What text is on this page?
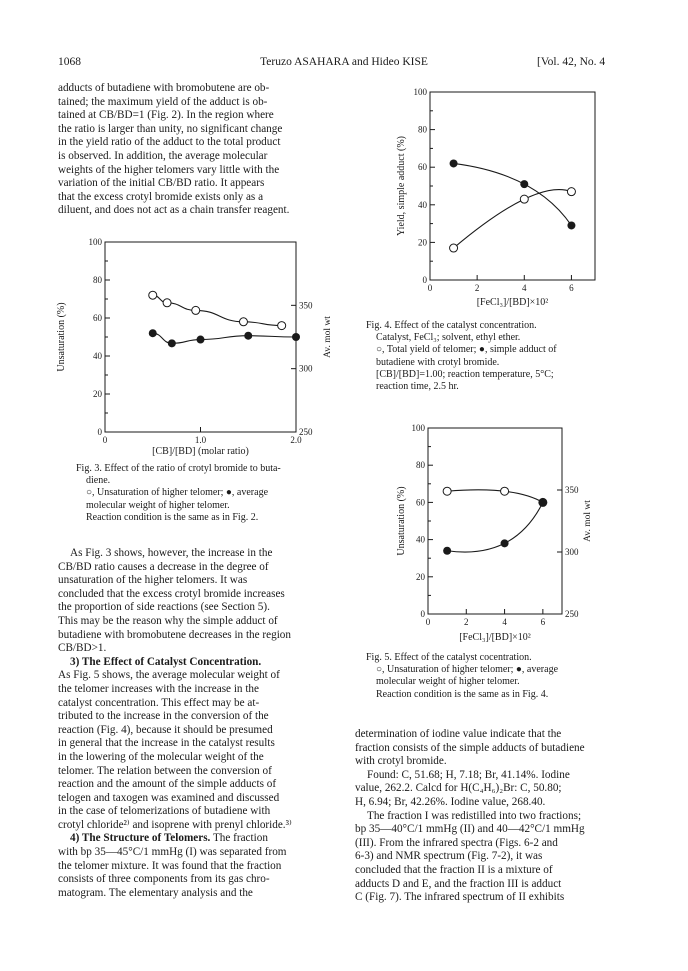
1068	Teruzo ASAHARA and Hideo KISE	[Vol. 42, No. 4
adducts of butadiene with bromobutene are ob-
tained; the maximum yield of the adduct is ob-
tained at CB/BD=1 (Fig. 2). In the region where
the ratio is larger than unity, no significant change
in the yield ratio of the adduct to the total product
is observed. In addition, the average molecular
weights of the higher telomers vary little with the
variation of the initial CB/BD ratio. It appears
that the excess crotyl bromide exists only as a
diluent, and does not act as a chain transfer reagent.
0
20
40
60
80
100
0	1.0	2.0
250
300
350
Av. mol wt
[CB]/[BD] (molar ratio)
Unsaturation (%)
Fig. 3. Effect of the ratio of crotyl bromide to buta-
diene.
○, Unsaturation of higher telomer; ●, average
molecular weight of higher telomer.
Reaction condition is the same as in Fig. 2.
As Fig. 3 shows, however, the increase in the
CB/BD ratio causes a decrease in the degree of
unsaturation of the higher telomers. It was
concluded that the excess crotyl bromide increases
the proportion of side reactions (see Section 5).
This may be the reason why the simple adduct of
butadiene with bromobutene decreases in the region
CB/BD>1.
3) The Effect of Catalyst Concentration.
As Fig. 5 shows, the average molecular weight of
the telomer increases with the increase in the
catalyst concentration. This effect may be at-
tributed to the increase in the conversion of the
reaction (Fig. 4), because it should be presumed
in general that the increase in the catalyst results
in the lowering of the molecular weight of the
telomer. The relation between the conversion of
reaction and the amount of the simple adducts of
telogen and taxogen was examined and discussed
in the case of telomerizations of butadiene with
crotyl chloride²⁾ and isoprene with prenyl chloride.³⁾
4) The Structure of Telomers. The fraction
with bp 35—45°C/1 mmHg (I) was separated from
the telomer mixture. It was found that the fraction
consists of three components from its gas chro-
matogram. The elementary analysis and the
0
20
40
60
80
100
0	2	4	6
[FeCl₃]/[BD]×10²
Yield, simple adduct (%)
Fig. 4. Effect of the catalyst concentration.
Catalyst, FeCl₃; solvent, ethyl ether.
○, Total yield of telomer; ●, simple adduct of
butadiene with crotyl bromide.
[CB]/[BD]=1.00; reaction temperature, 5°C;
reaction time, 2.5 hr.
0
20
40
60
80
100
0	2	4	6
250
300
350
Av. mol wt
[FeCl₃]/[BD]×10²
Unsaturation (%)
Fig. 5. Effect of the catalyst cocentration.
○, Unsaturation of higher telomer; ●, average
molecular weight of higher telomer.
Reaction condition is the same as in Fig. 4.
determination of iodine value indicate that the
fraction consists of the simple adducts of butadiene
with crotyl bromide.
Found: C, 51.68; H, 7.18; Br, 41.14%. Iodine
value, 262.2. Calcd for H(C₄H₆)₂Br: C, 50.80;
H, 6.94; Br, 42.26%. Iodine value, 268.40.
The fraction I was redistilled into two fractions;
bp 35—40°C/1 mmHg (II) and 40—42°C/1 mmHg
(III). From the infrared spectra (Figs. 6-2 and
6-3) and NMR spectrum (Fig. 7-2), it was
concluded that the fraction II is a mixture of
adducts D and E, and the fraction III is adduct
C (Fig. 7). The infrared spectrum of II exhibits
